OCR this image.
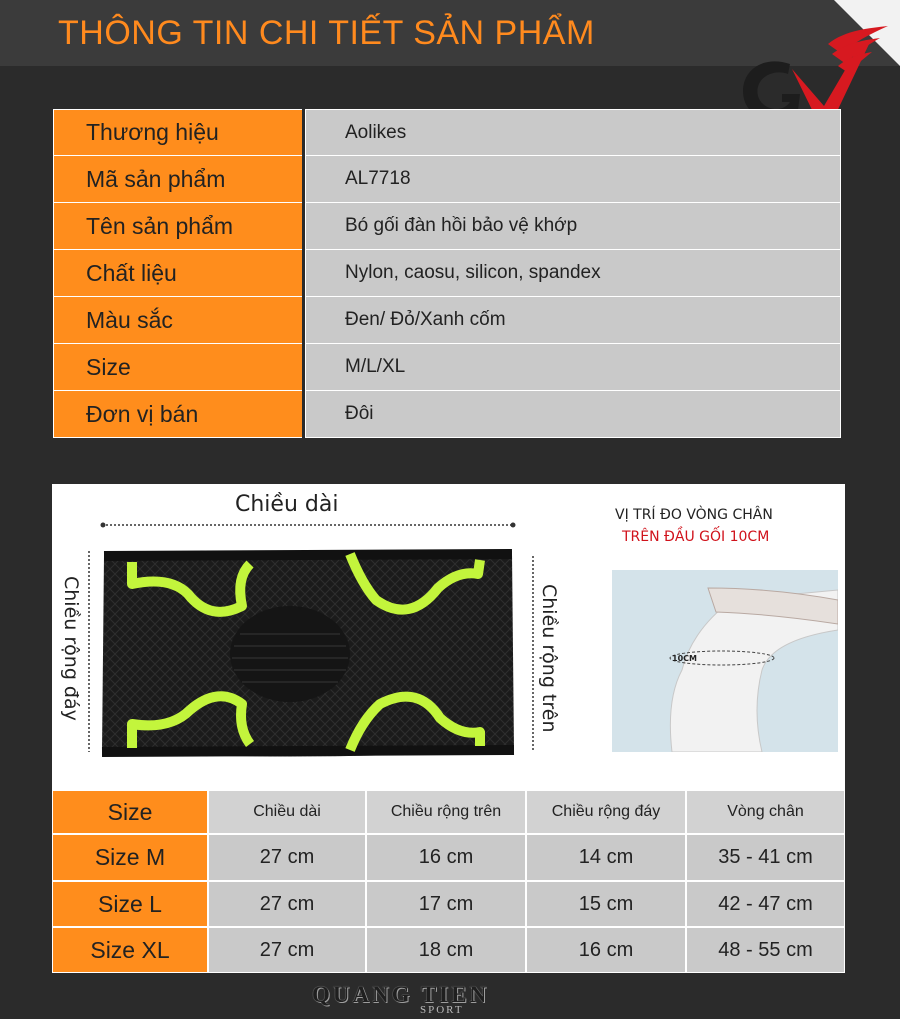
THÔNG TIN CHI TIẾT SẢN PHẨM
Thương hiệu	Aolikes
Mã sản phẩm	AL7718
Tên sản phẩm	Bó gối đàn hồi bảo vệ khớp
Chất liệu	Nylon, caosu, silicon, spandex
Màu sắc	Đen/ Đỏ/Xanh cốm
Size	M/L/XL
Đơn vị bán	Đôi
Chiều dài
Chiều rộng đáy	Chiều rộng trên
VỊ TRÍ ĐO VÒNG CHÂN
TRÊN ĐẦU GỐI 10CM
10CM
Size	Chiều dài	Chiều rộng trên	Chiều rộng đáy	Vòng chân
Size M	27 cm	16 cm	14 cm	35 - 41 cm
Size L	27 cm	17 cm	15 cm	42 - 47 cm
Size XL	27 cm	18 cm	16 cm	48 - 55 cm
QUANG TIEN
SPORT
